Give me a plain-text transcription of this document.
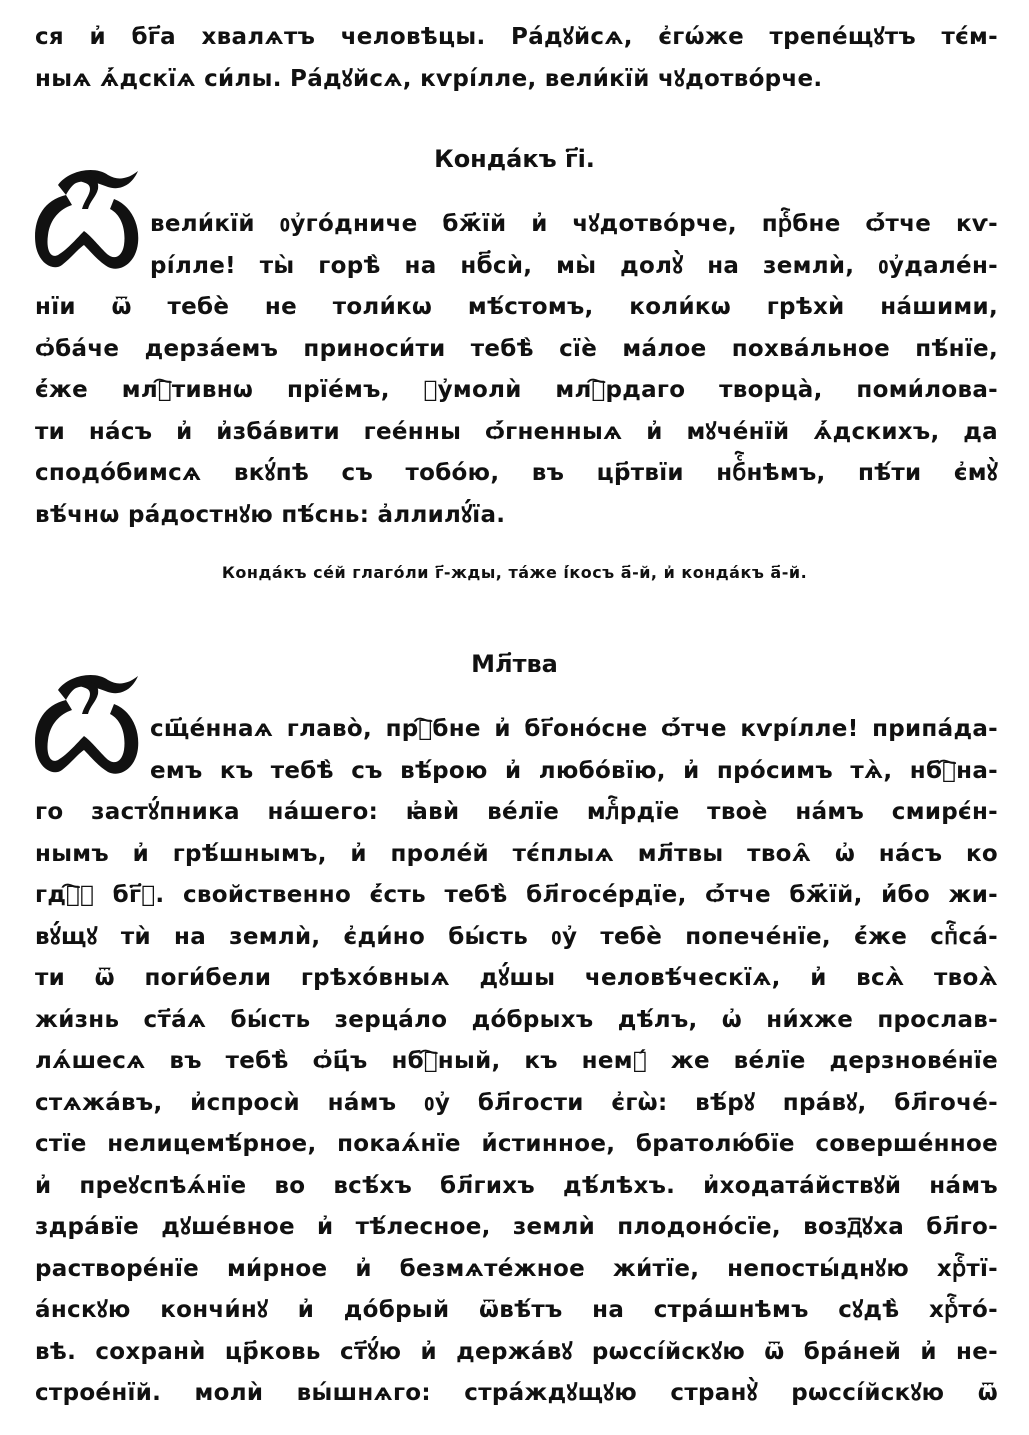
ся и҆ бг҃а хвалѧтъ человѣцы. Ра́дꙋйсѧ, є҆гѡ́же трепе́щꙋтъ тє́м-
ныѧ ѧ҆́дскїѧ си́лы. Ра́дꙋйсѧ, кѵрі́лле, вели́кїй чꙋдотво́рче.
Конда́къ г҃і.
вели́кїй ᲂу҆го́дниче бж҃їй и҆ чꙋдотво́рче, прⷭ҇бне ѻ҆́тче кѵ-
рі́лле! ты̀ горѣ̀ на нб҃сѝ, мы̀ долꙋ̀ на землѝ, ᲂу҆дале́н-
нїи ѿ тебѐ не толи́кѡ мѣ́стомъ, коли́кѡ грѣхѝ на́шими,
ѻ҆ба́че дерза́емъ приноси́ти тебѣ̀ сїѐ ма́лое похва́льное пѣ́нїе,
є҆́же млⷭ҇тивнѡ прїе́мъ, ᲂу҆молѝ млⷭ҇рдаго творца̀, поми́лова-
ти на́съ и҆ и҆зба́вити гее́нны ѻ҆́гненныѧ и҆ мꙋче́нїй ѧ҆́дскихъ, да
сподо́бимсѧ вкꙋ́пѣ съ тобо́ю, въ цр҃твїи нбⷭ҇нѣмъ, пѣ́ти є҆мꙋ̀
вѣ́чнѡ ра́достнꙋю пѣ́снь: а҆ллилꙋ́їа.
Конда́къ се́й глаго́ли г҃-жды, та́же і҆́косъ а҃-й, и҆ конда́къ а҃-й.
Мл҃тва
сщ҃е́ннаѧ главо̀, прⷭ҇бне и҆ бг҃оно́сне ѻ҆́тче кѵрі́лле! припа́да-
емъ къ тебѣ̀ съ вѣ́рою и҆ любо́вїю, и҆ про́симъ тѧ̀, нбⷭ҇на-
го застꙋ́пника на́шего: ꙗ҆вѝ ве́лїе млⷭ҇рдїе твоѐ на́мъ смирє́н-
нымъ и҆ грѣ́шнымъ, и҆ проле́й тє́плыѧ мл҃твы твоѧ̑ ѡ҆ на́съ ко
гдⷭ҇ꙋ бг҃ꙋ. свойственно є҆́сть тебѣ̀ бл҃госе́рдїе, ѻ҆́тче бж҃їй, и҆́бо жи-
вꙋ́щꙋ тѝ на землѝ, є҆ди́но бы́сть ᲂу҆ тебѐ попече́нїе, є҆́же спⷭ҇са́-
ти ѿ поги́бели грѣхо́вныѧ дꙋ́шы человѣ́ческїѧ, и҆ всѧ̀ твоѧ̀
жи́знь ст҃а́ѧ бы́сть зерца́ло до́брыхъ дѣ́лъ, ѡ҆ ни́хже прослав-
лѧ́шесѧ въ тебѣ̀ ѻ҆ц҃ъ нбⷭ҇ный, къ немꙋ́ же ве́лїе дерзнове́нїе
стѧжа́въ, и҆спросѝ на́мъ ᲂу҆ бл҃гости є҆гѡ̀: вѣ́рꙋ пра́вꙋ, бл҃гоче́-
стїе нелицемѣ́рное, покаѧ́нїе и҆́стинное, братолю́бїе соверше́нное
и҆ преꙋспѣѧ́нїе во всѣ́хъ бл҃гихъ дѣ́лѣхъ. и҆ходата́йствꙋй на́мъ
здра́вїе дꙋше́вное и҆ тѣ́лесное, землѝ плодоно́сїе, возд꙯ꙋха бл҃го-
растворе́нїе ми́рное и҆ безмѧте́жное жи́тїе, непосты́днꙋю хрⷭ҇тї-
а́нскꙋю кончи́нꙋ и҆ до́брый ѿвѣ́тъ на стра́шнѣмъ сꙋдѣ̀ хрⷭ҇то́-
вѣ. сохранѝ цр҃ковь ст҃ꙋ́ю и҆ держа́вꙋ рѡссі́йскꙋю ѿ бра́ней и҆ не-
строе́нїй. молѝ вы́шнѧго: стра́ждꙋщꙋю странꙋ̀ рѡссі́йскꙋю ѿ
